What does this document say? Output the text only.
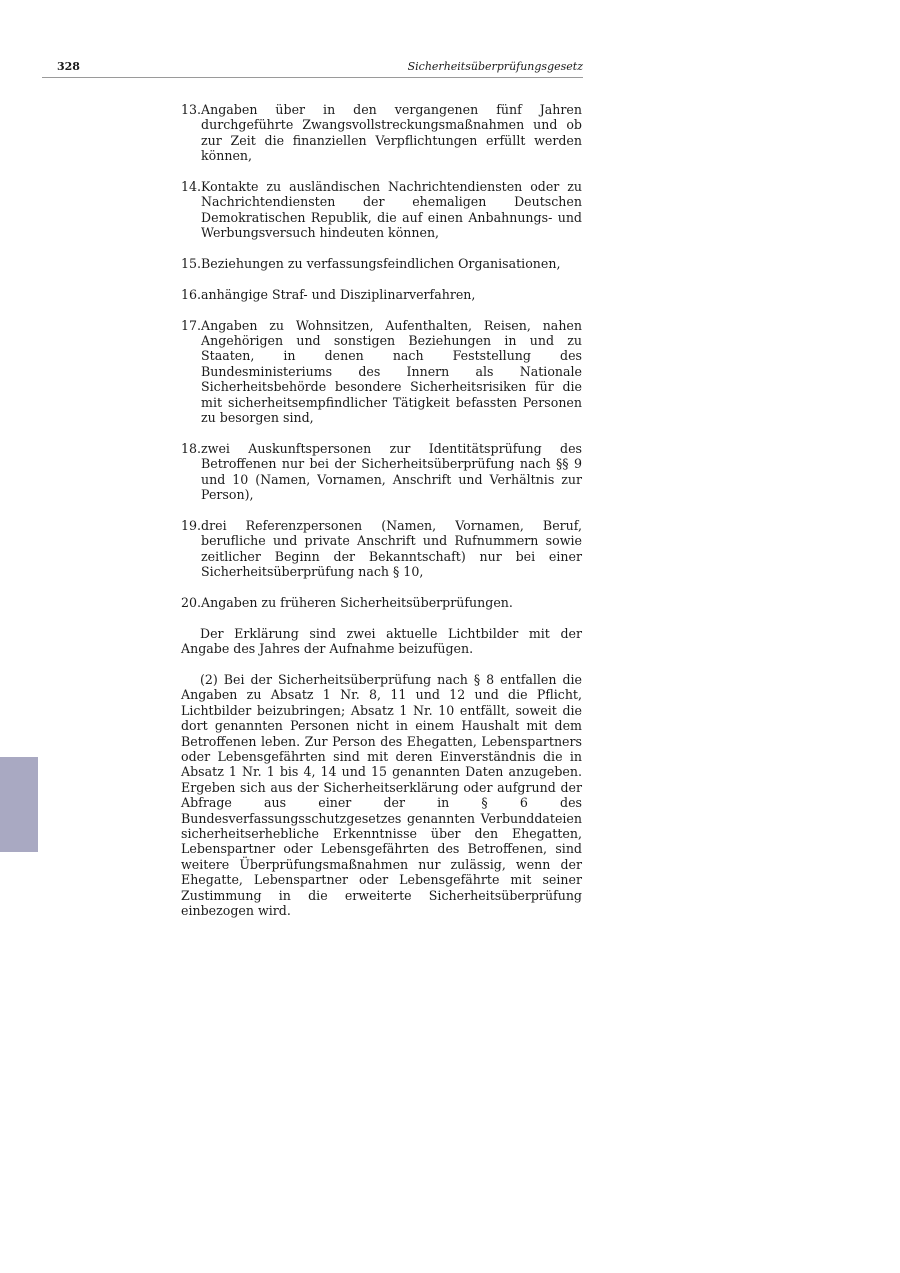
328	Sicherheitsüberprüfungsgesetz
13. Angaben über in den vergangenen fünf Jahren durchgeführte Zwangsvollstreckungsmaßnahmen und ob zur Zeit die finanziellen Verpflichtungen erfüllt werden können,
14. Kontakte zu ausländischen Nachrichtendiensten oder zu Nachrichtendiensten der ehemaligen Deutschen Demokratischen Republik, die auf einen Anbahnungs- und Werbungsversuch hindeuten können,
15. Beziehungen zu verfassungsfeindlichen Organisationen,
16. anhängige Straf- und Disziplinarverfahren,
17. Angaben zu Wohnsitzen, Aufenthalten, Reisen, nahen Angehörigen und sonstigen Beziehungen in und zu Staaten, in denen nach Feststellung des Bundesministeriums des Innern als Nationale Sicherheitsbehörde besondere Sicherheitsrisiken für die mit sicherheitsempfindlicher Tätigkeit befassten Personen zu besorgen sind,
18. zwei Auskunftspersonen zur Identitätsprüfung des Betroffenen nur bei der Sicherheitsüberprüfung nach §§ 9 und 10 (Namen, Vornamen, Anschrift und Verhältnis zur Person),
19. drei Referenzpersonen (Namen, Vornamen, Beruf, berufliche und private Anschrift und Rufnummern sowie zeitlicher Beginn der Bekanntschaft) nur bei einer Sicherheitsüberprüfung nach § 10,
20. Angaben zu früheren Sicherheitsüberprüfungen.

Der Erklärung sind zwei aktuelle Lichtbilder mit der Angabe des Jahres der Aufnahme beizufügen.

(2) Bei der Sicherheitsüberprüfung nach § 8 entfallen die Angaben zu Absatz 1 Nr. 8, 11 und 12 und die Pflicht, Lichtbilder beizubringen; Absatz 1 Nr. 10 entfällt, soweit die dort genannten Personen nicht in einem Haushalt mit dem Betroffenen leben. Zur Person des Ehegatten, Lebenspartners oder Lebensgefährten sind mit deren Einverständnis die in Absatz 1 Nr. 1 bis 4, 14 und 15 genannten Daten anzugeben. Ergeben sich aus der Sicherheitserklärung oder aufgrund der Abfrage aus einer der in § 6 des Bundesverfassungsschutzgesetzes genannten Verbunddateien sicherheitserhebliche Erkenntnisse über den Ehegatten, Lebenspartner oder Lebensgefährten des Betroffenen, sind weitere Überprüfungsmaßnahmen nur zulässig, wenn der Ehegatte, Lebenspartner oder Lebensgefährte mit seiner Zustimmung in die erweiterte Sicherheitsüberprüfung einbezogen wird.
